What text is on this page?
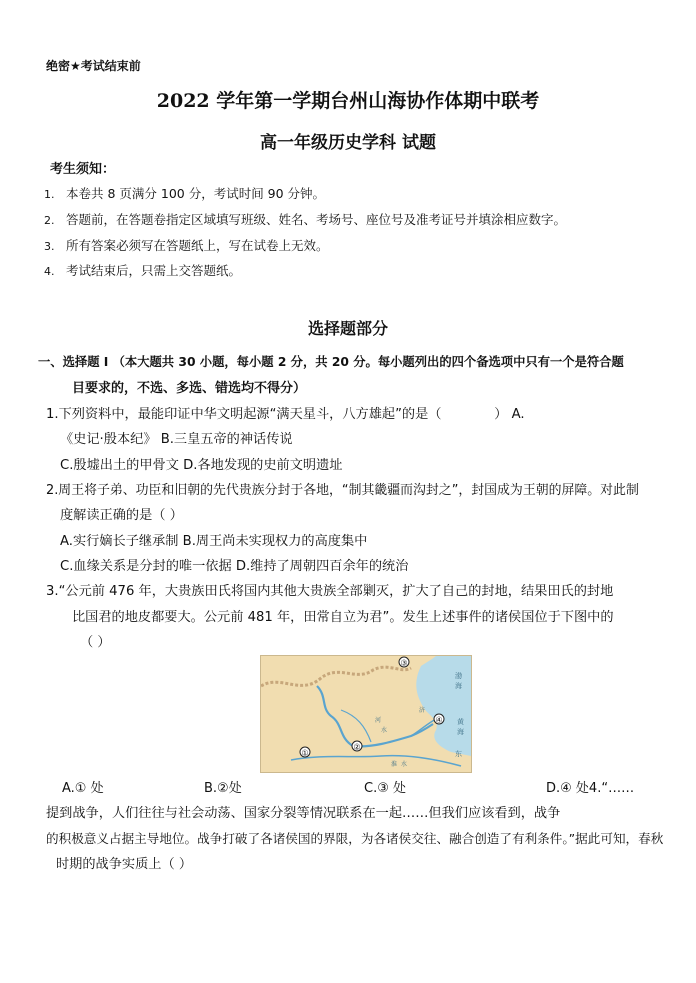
绝密★考试结束前
2022 学年第一学期台州山海协作体期中联考
高一年级历史学科 试题
考生须知：
1. 本卷共 8 页满分 100 分，考试时间 90 分钟。
2. 答题前，在答题卷指定区域填写班级、姓名、考场号、座位号及准考证号并填涂相应数字。
3. 所有答案必须写在答题纸上，写在试卷上无效。
4. 考试结束后，只需上交答题纸。
选择题部分
一、选择题 I （本大题共 30 小题，每小题 2 分，共 20 分。每小题列出的四个备选项中只有一个是符合题
目要求的，不选、多选、错选均不得分）
1.下列资料中，最能印证中华文明起源“满天星斗，八方雄起”的是（　　　　） A.
《史记·殷本纪》 B.三皇五帝的神话传说
C.殷墟出土的甲骨文 D.各地发现的史前文明遗址
2.周王将子弟、功臣和旧朝的先代贵族分封于各地，“制其畿疆而沟封之”，封国成为王朝的屏障。对此制
度解读正确的是（ ）
A.实行嫡长子继承制 B.周王尚未实现权力的高度集中
C.血缘关系是分封的唯一依据 D.维持了周朝四百余年的统治
3.“公元前 476 年，大贵族田氏将国内其他大贵族全部剿灭，扩大了自己的封地，结果田氏的封地
比国君的地皮都要大。公元前 481 年，田常自立为君”。发生上述事件的诸侯国位于下图中的
（ ）
①
②
③
④
渤
海
黄
海
东
河
水
济
淮 水
A.① 处	B.②处	C.③ 处	D.④ 处4.“……
提到战争，人们往往与社会动荡、国家分裂等情况联系在一起……但我们应该看到，战争
的积极意义占据主导地位。战争打破了各诸侯国的界限，为各诸侯交往、融合创造了有利条件。”据此可知，春秋
时期的战争实质上（ ）
